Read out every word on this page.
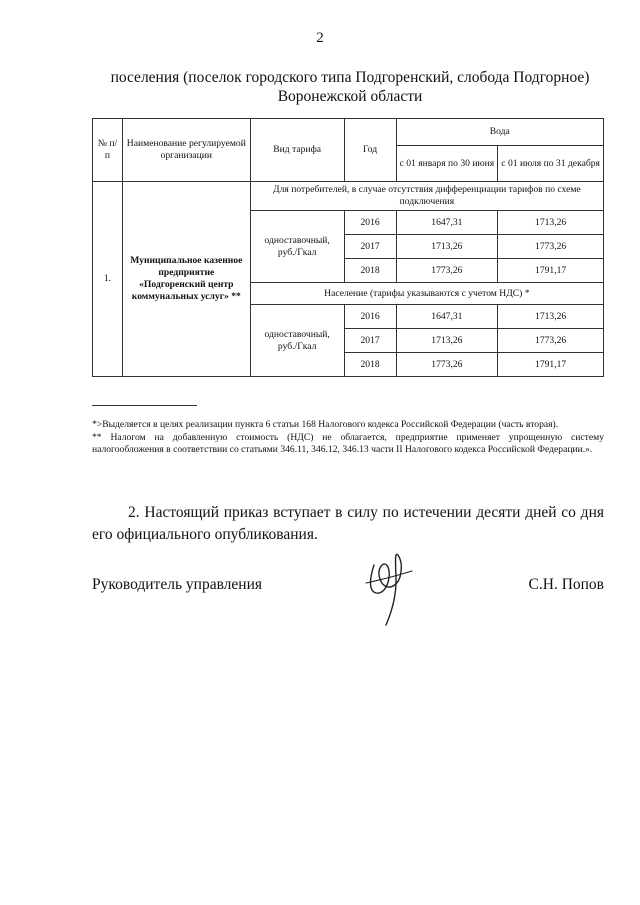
2
поселения (поселок городского типа Подгоренский, слобода Подгорное)
Воронежской области
№ п/п	Наименование регулируемой организации	Вид тарифа	Год	Вода	
				с 01 января по 30 июня	с 01 июля по 31 декабря
1.	Муниципальное казенное предприятие «Подгоренский центр коммунальных услуг» **	Для потребителей, в случае отсутствия дифференциации тарифов по схеме подключения			
		одноставочный, руб./Гкал	2016	1647,31	1713,26
			2017	1713,26	1773,26
			2018	1773,26	1791,17
		Население (тарифы указываются с учетом НДС) *			
		одноставочный, руб./Гкал	2016	1647,31	1713,26
			2017	1713,26	1773,26
			2018	1773,26	1791,17

*>Выделяется в целях реализации пункта 6 статьи 168 Налогового кодекса Российской Федерации (часть вторая).

** Налогом на добавленную стоимость (НДС) не облагается, предприятие применяет упрощенную систему налогообложения в соответствии со статьями 346.11, 346.12, 346.13 части II Налогового кодекса Российской Федерации.».

2. Настоящий приказ вступает в силу по истечении десяти дней со дня его официального опубликования.
Руководитель управления	С.Н. Попов
